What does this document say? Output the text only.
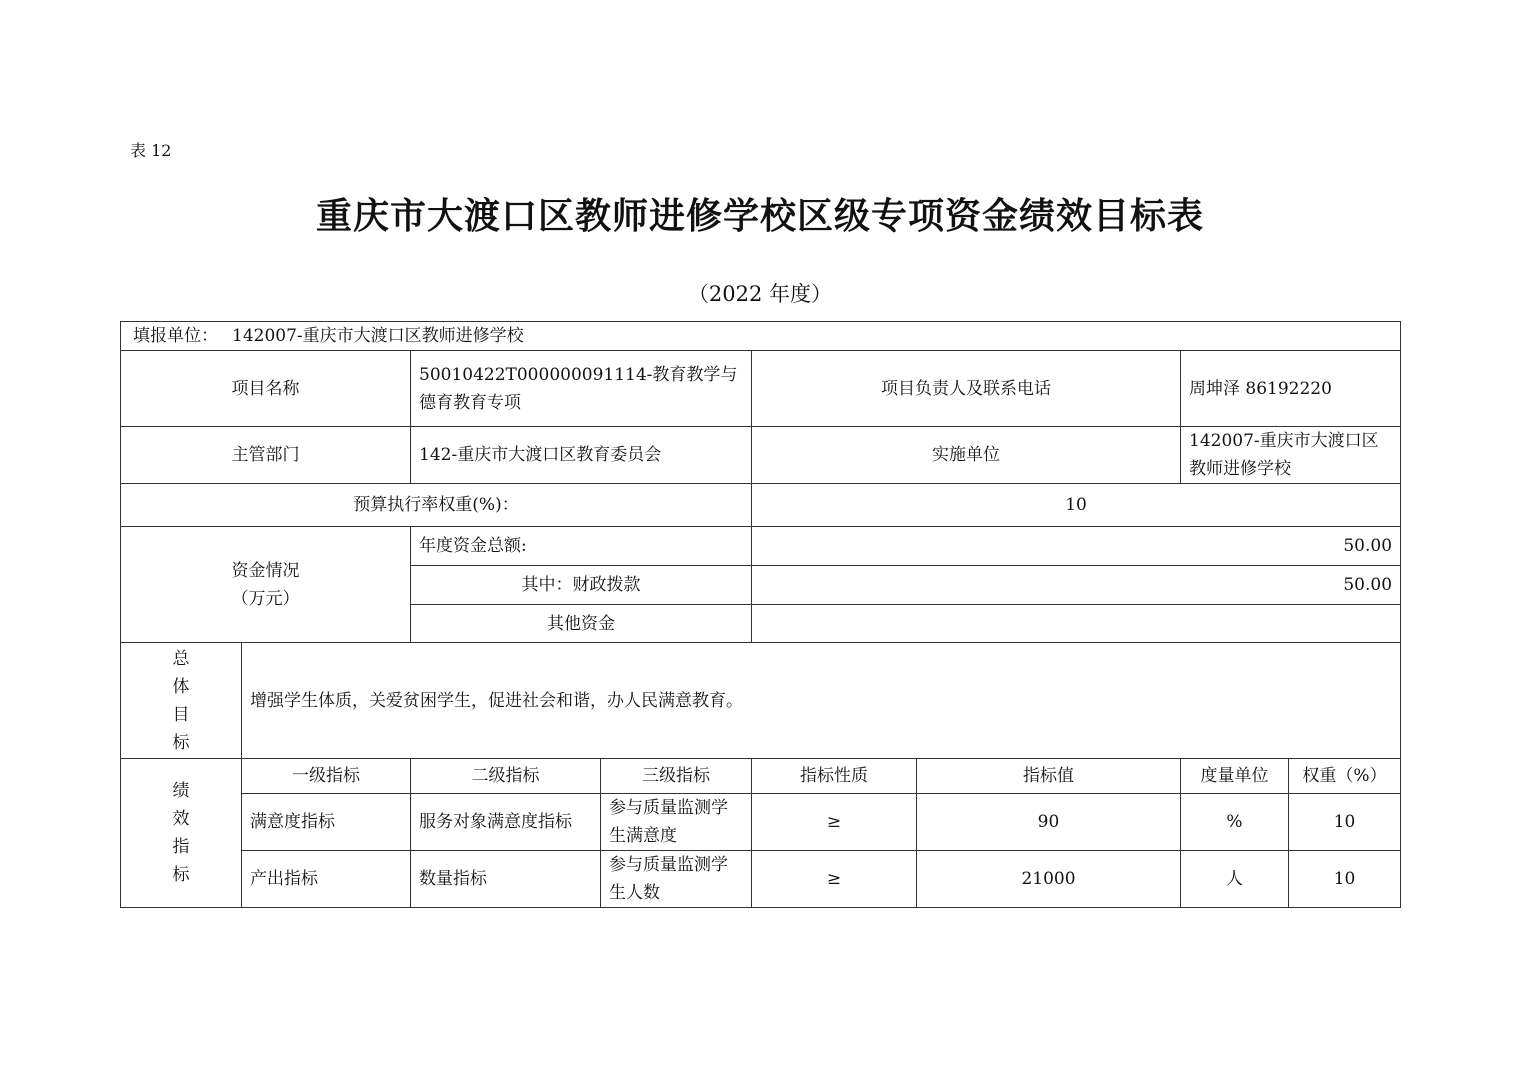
表 12
重庆市大渡口区教师进修学校区级专项资金绩效目标表
（2022 年度）
填报单位： 142007-重庆市大渡口区教师进修学校							
项目名称		50010422T000000091114-教育教学与德育教育专项		项目负责人及联系电话		周坤泽 86192220	
主管部门		142-重庆市大渡口区教育委员会		实施单位		142007-重庆市大渡口区教师进修学校	
预算执行率权重(%)：				10			

资金情况
（万元）		年度资金总额:		50.00			
		其中：财政拨款		50.00			
		其他资金					

总
体
目
标	增强学生体质，关爱贫困学生，促进社会和谐，办人民满意教育。						

绩
效
指
标	一级指标	二级指标	三级指标	指标性质	指标值	度量单位	权重（%）
	满意度指标	服务对象满意度指标	参与质量监测学生满意度	≥	90	%	10
	产出指标	数量指标	参与质量监测学生人数	≥	21000	人	10
